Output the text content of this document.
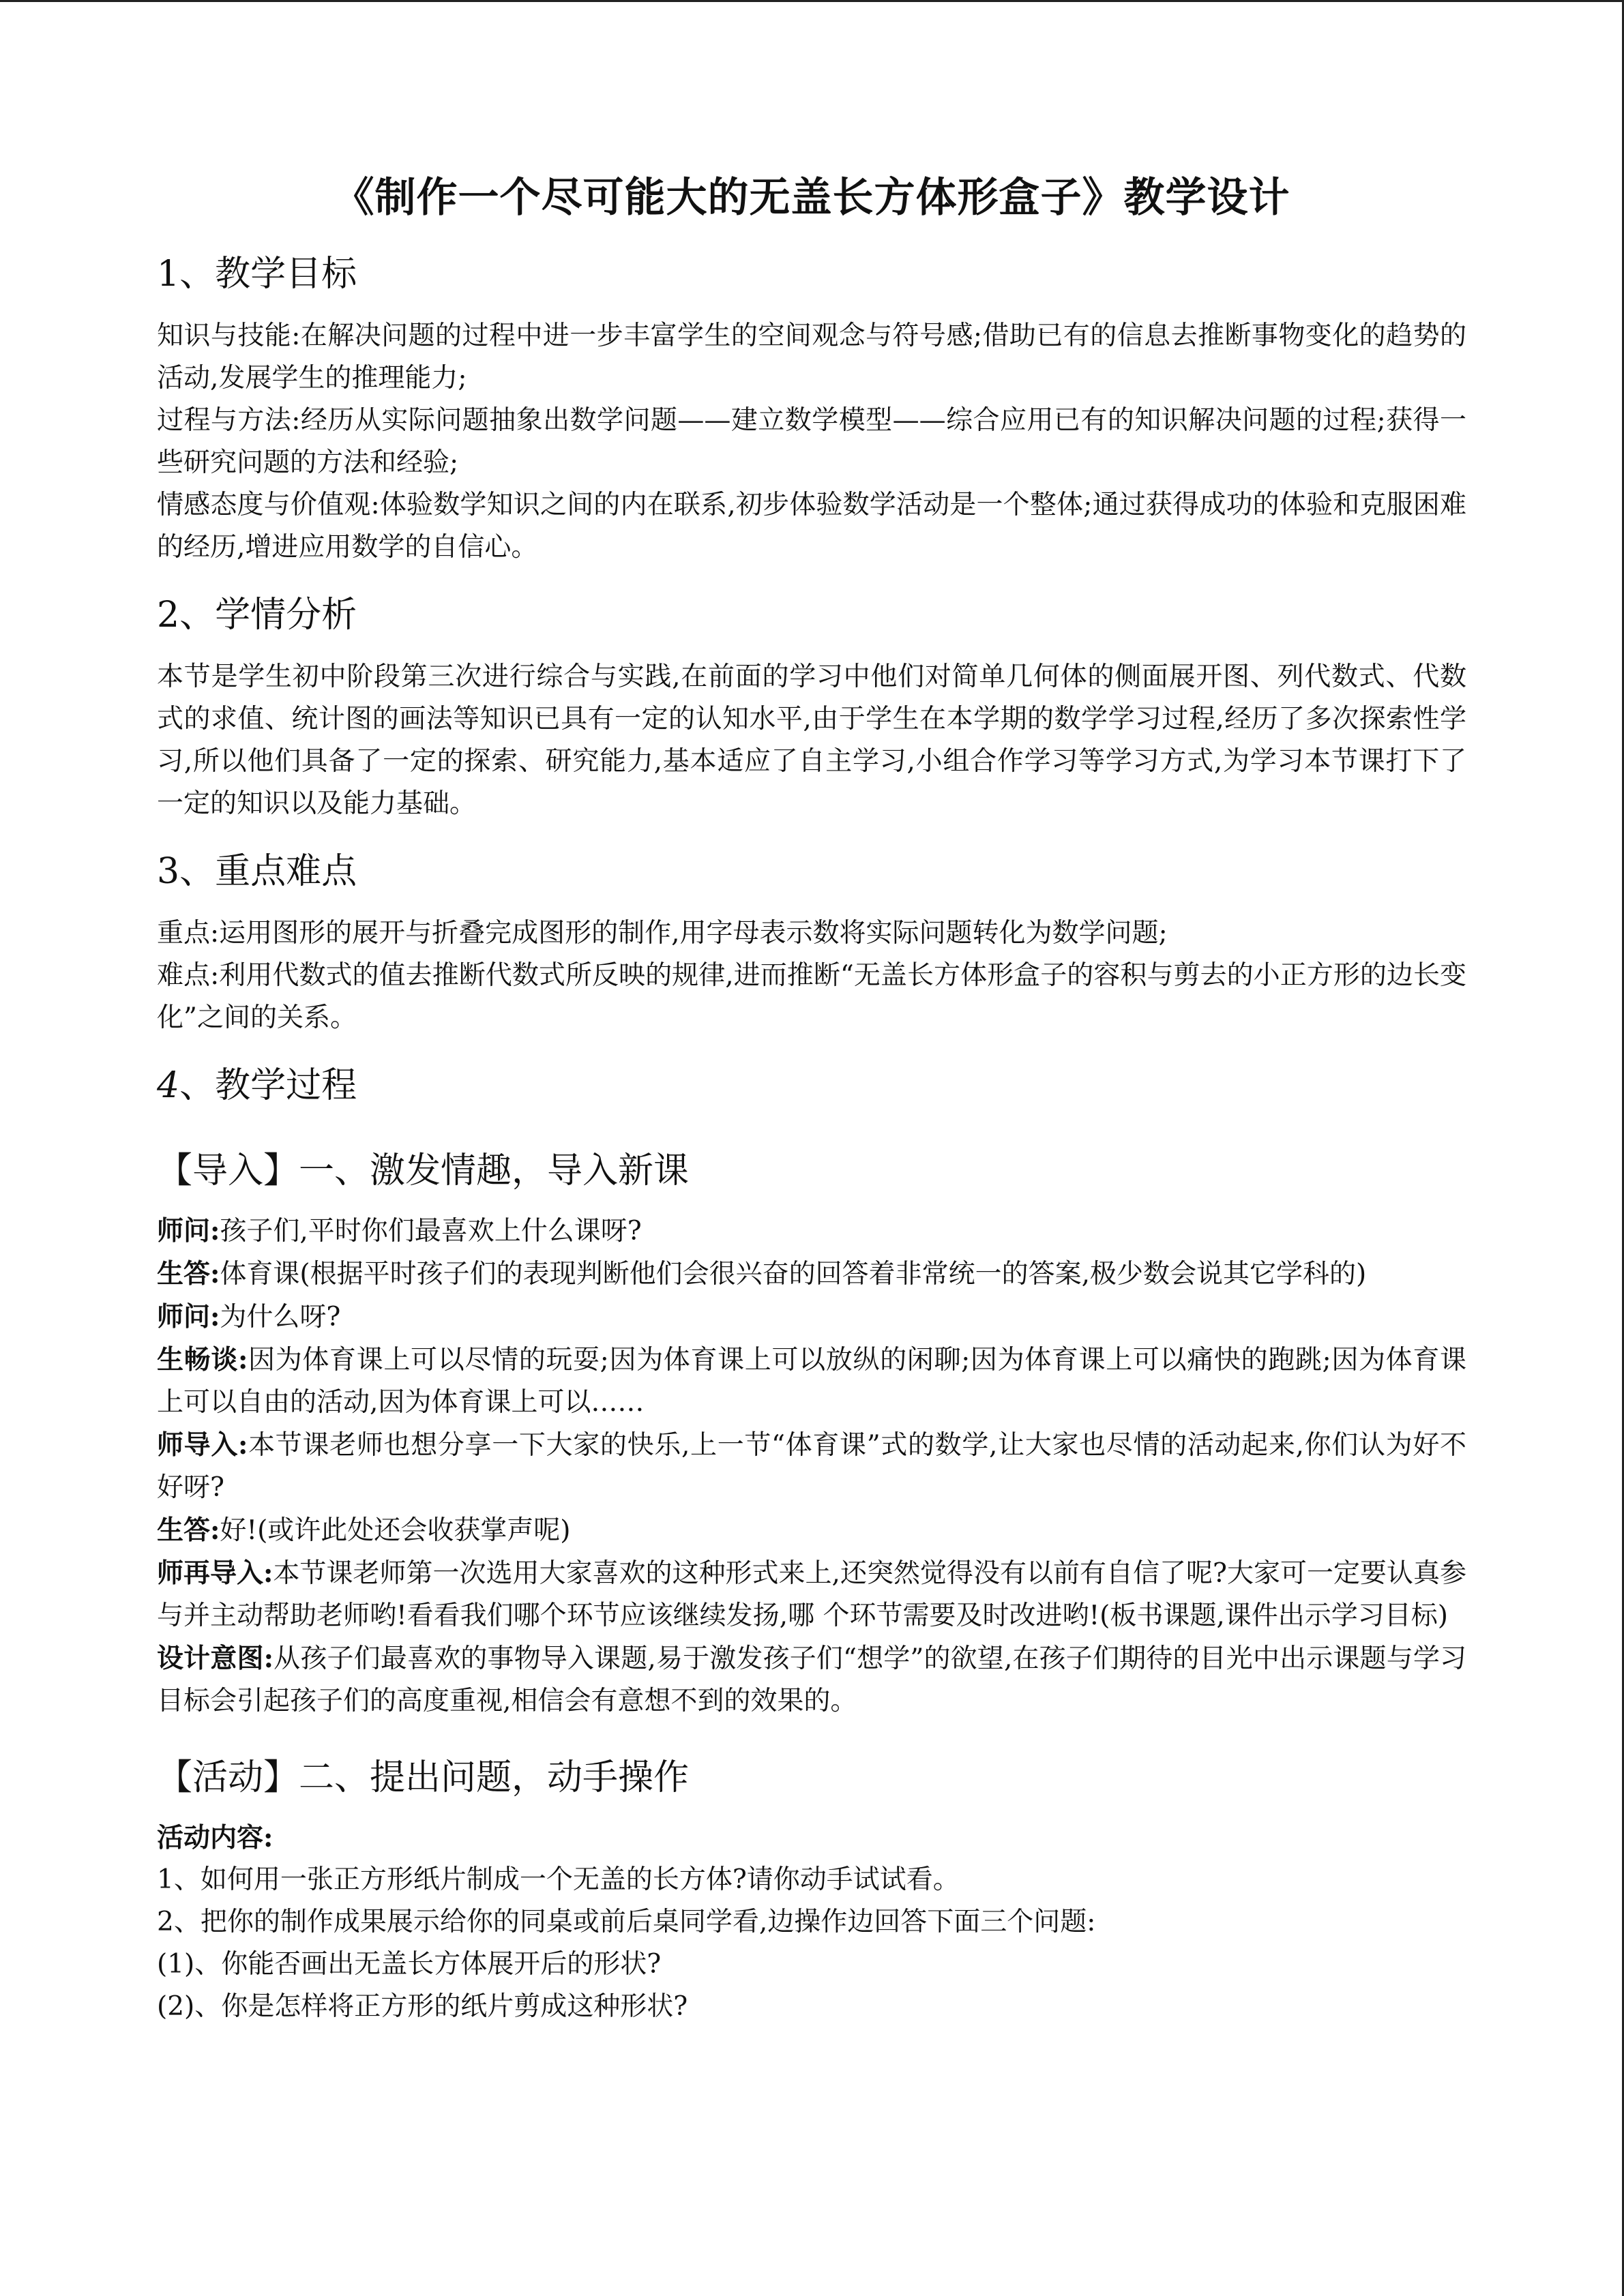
《制作一个尽可能大的无盖长方体形盒子》教学设计
1、教学目标

知识与技能:在解决问题的过程中进一步丰富学生的空间观念与符号感;借助已有的信息去推断事物变化的趋势的活动,发展学生的推理能力;

过程与方法:经历从实际问题抽象出数学问题——建立数学模型——综合应用已有的知识解决问题的过程;获得一些研究问题的方法和经验;

情感态度与价值观:体验数学知识之间的内在联系,初步体验数学活动是一个整体;通过获得成功的体验和克服困难的经历,增进应用数学的自信心。

2、学情分析

本节是学生初中阶段第三次进行综合与实践,在前面的学习中他们对简单几何体的侧面展开图、列代数式、代数式的求值、统计图的画法等知识已具有一定的认知水平,由于学生在本学期的数学学习过程,经历了多次探索性学习,所以他们具备了一定的探索、研究能力,基本适应了自主学习,小组合作学习等学习方式,为学习本节课打下了一定的知识以及能力基础。

3、重点难点

重点:运用图形的展开与折叠完成图形的制作,用字母表示数将实际问题转化为数学问题;

难点:利用代数式的值去推断代数式所反映的规律,进而推断“无盖长方体形盒子的容积与剪去的小正方形的边长变化”之间的关系。

4、教学过程
【导入】一、激发情趣，导入新课

师问:孩子们,平时你们最喜欢上什么课呀?

生答:体育课(根据平时孩子们的表现判断他们会很兴奋的回答着非常统一的答案,极少数会说其它学科的)

师问:为什么呀?

生畅谈:因为体育课上可以尽情的玩耍;因为体育课上可以放纵的闲聊;因为体育课上可以痛快的跑跳;因为体育课上可以自由的活动,因为体育课上可以……

师导入:本节课老师也想分享一下大家的快乐,上一节“体育课”式的数学,让大家也尽情的活动起来,你们认为好不好呀?

生答:好!(或许此处还会收获掌声呢)

师再导入:本节课老师第一次选用大家喜欢的这种形式来上,还突然觉得没有以前有自信了呢?大家可一定要认真参与并主动帮助老师哟!看看我们哪个环节应该继续发扬,哪 个环节需要及时改进哟!(板书课题,课件出示学习目标)

设计意图:从孩子们最喜欢的事物导入课题,易于激发孩子们“想学”的欲望,在孩子们期待的目光中出示课题与学习目标会引起孩子们的高度重视,相信会有意想不到的效果的。

【活动】二、提出问题，动手操作

活动内容:

1、如何用一张正方形纸片制成一个无盖的长方体?请你动手试试看。

2、把你的制作成果展示给你的同桌或前后桌同学看,边操作边回答下面三个问题:

(1)、你能否画出无盖长方体展开后的形状?

(2)、你是怎样将正方形的纸片剪成这种形状?
